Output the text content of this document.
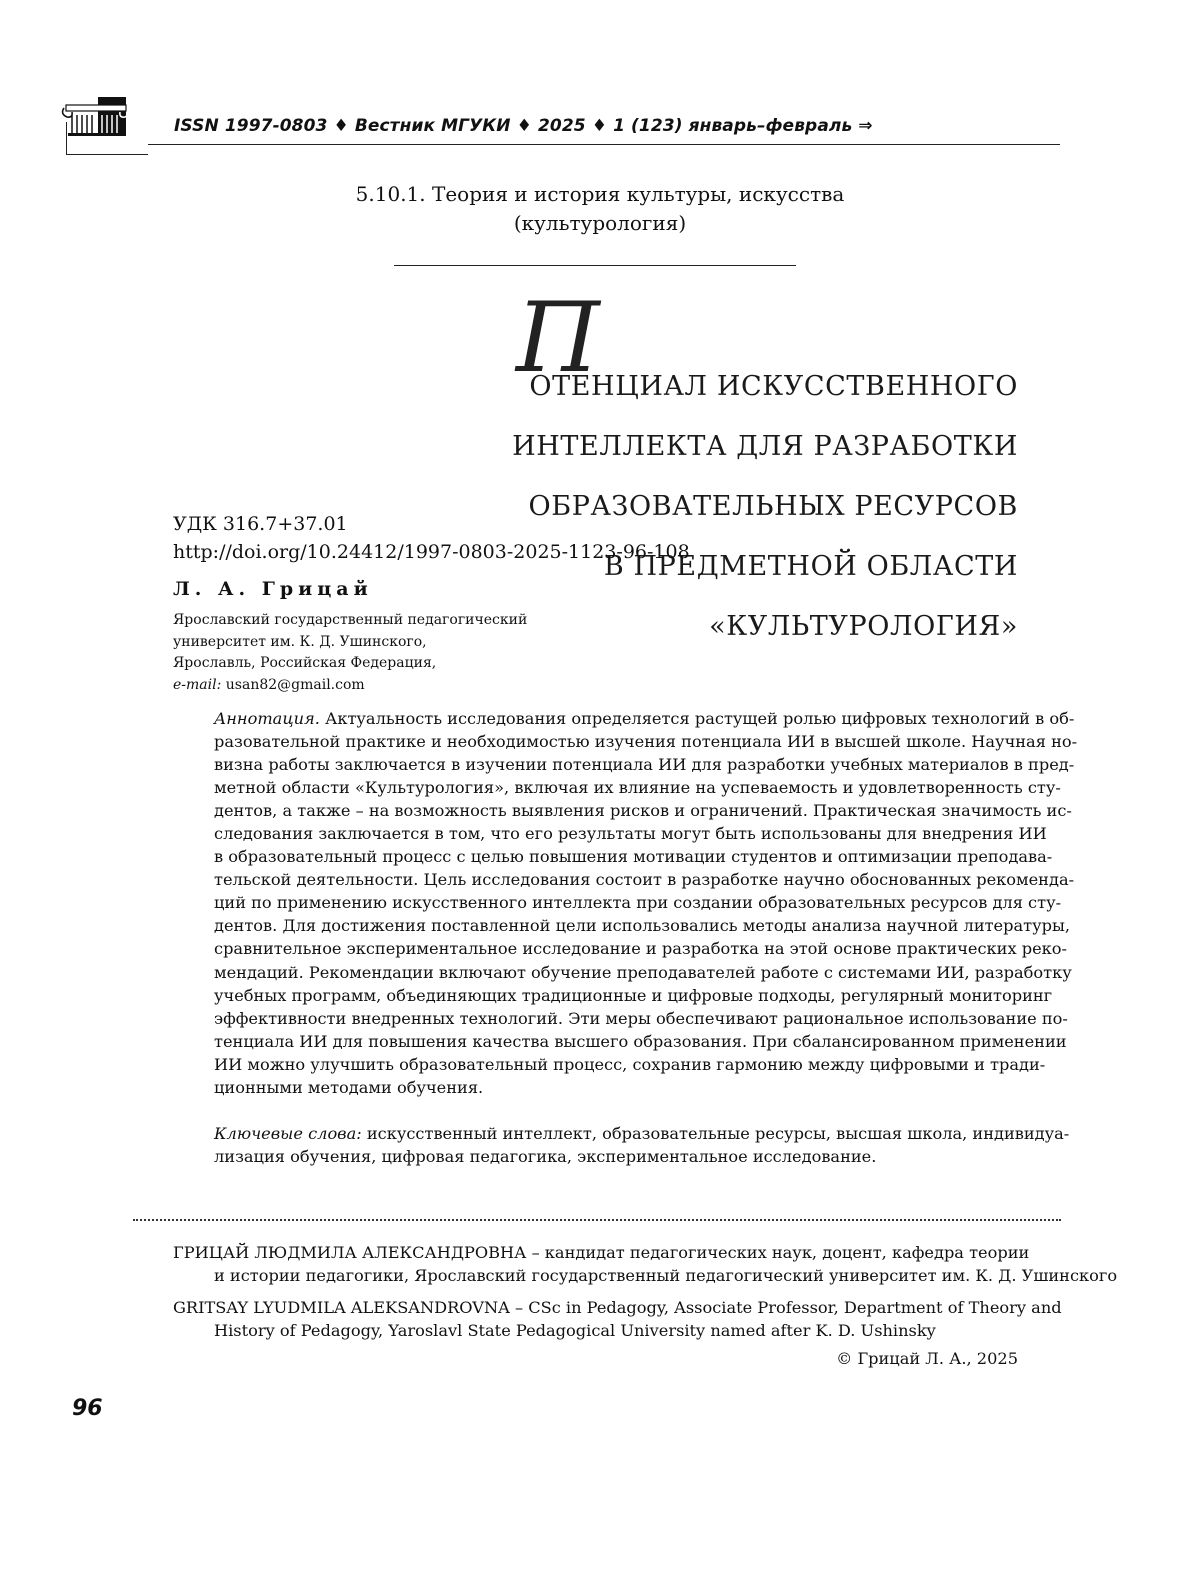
ISSN 1997-0803 ♦ Вестник МГУКИ ♦ 2025 ♦ 1 (123) январь–февраль ⇒
5.10.1. Теория и история культуры, искусства
(культурология)
П

ОТЕНЦИАЛ ИСКУССТВЕННОГО

ИНТЕЛЛЕКТА ДЛЯ РАЗРАБОТКИ

ОБРАЗОВАТЕЛЬНЫХ РЕСУРСОВ

В ПРЕДМЕТНОЙ ОБЛАСТИ

«КУЛЬТУРОЛОГИЯ»

УДК 316.7+37.01
http://doi.org/10.24412/1997-0803-2025-1123-96-108
Л. А. Грицай
Ярославский государственный педагогический
университет им. К. Д. Ушинского,
Ярославль, Российская Федерация,
e-mail: usan82@gmail.com
Аннотация. Актуальность исследования определяется растущей ролью цифровых технологий в об-
разовательной практике и необходимостью изучения потенциала ИИ в высшей школе. Научная но-
визна работы заключается в изучении потенциала ИИ для разработки учебных материалов в пред-
метной области «Культурология», включая их влияние на успеваемость и удовлетворенность сту-
дентов, а также – на возможность выявления рисков и ограничений. Практическая значимость ис-
следования заключается в том, что его результаты могут быть использованы для внедрения ИИ
в образовательный процесс с целью повышения мотивации студентов и оптимизации преподава-
тельской деятельности. Цель исследования состоит в разработке научно обоснованных рекоменда-
ций по применению искусственного интеллекта при создании образовательных ресурсов для сту-
дентов. Для достижения поставленной цели использовались методы анализа научной литературы,
сравнительное экспериментальное исследование и разработка на этой основе практических реко-
мендаций. Рекомендации включают обучение преподавателей работе с системами ИИ, разработку
учебных программ, объединяющих традиционные и цифровые подходы, регулярный мониторинг
эффективности внедренных технологий. Эти меры обеспечивают рациональное использование по-
тенциала ИИ для повышения качества высшего образования. При сбалансированном применении
ИИ можно улучшить образовательный процесс, сохранив гармонию между цифровыми и тради-
ционными методами обучения.
Ключевые слова: искусственный интеллект, образовательные ресурсы, высшая школа, индивидуа-
лизация обучения, цифровая педагогика, экспериментальное исследование.
ГРИЦАЙ ЛЮДМИЛА АЛЕКСАНДРОВНА – кандидат педагогических наук, доцент, кафедра теории
и истории педагогики, Ярославский государственный педагогический университет им. К. Д. Ушинского
GRITSAY LYUDMILA ALEKSANDROVNA – CSc in Pedagogy, Associate Professor, Department of Theory and
History of Pedagogy, Yaroslavl State Pedagogical University named after K. D. Ushinsky
© Грицай Л. А., 2025
96
